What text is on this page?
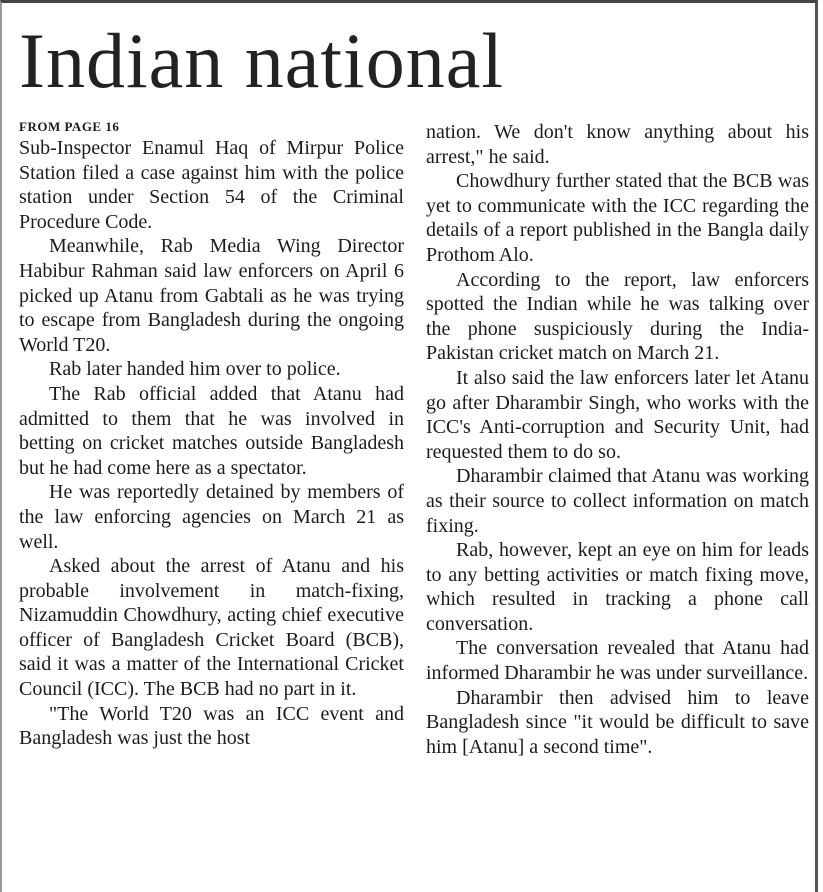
Indian national
FROM PAGE 16

Sub-Inspector Enamul Haq of Mirpur Police Station filed a case against him with the police station under Section 54 of the Criminal Procedure Code.

Meanwhile, Rab Media Wing Director Habibur Rahman said law enforcers on April 6 picked up Atanu from Gabtali as he was trying to escape from Bangladesh during the ongoing World T20.

Rab later handed him over to police.

The Rab official added that Atanu had admitted to them that he was involved in betting on cricket matches outside Bangladesh but he had come here as a spectator.

He was reportedly detained by members of the law enforcing agencies on March 21 as well.

Asked about the arrest of Atanu and his probable involvement in match-fixing, Nizamuddin Chowdhury, acting chief executive officer of Bangladesh Cricket Board (BCB), said it was a matter of the International Cricket Council (ICC). The BCB had no part in it.

"The World T20 was an ICC event and Bangladesh was just the host

nation. We don't know anything about his arrest," he said.

Chowdhury further stated that the BCB was yet to communicate with the ICC regarding the details of a report published in the Bangla daily Prothom Alo.

According to the report, law enforcers spotted the Indian while he was talking over the phone suspiciously during the India-Pakistan cricket match on March 21.

It also said the law enforcers later let Atanu go after Dharambir Singh, who works with the ICC's Anti-corruption and Security Unit, had requested them to do so.

Dharambir claimed that Atanu was working as their source to collect information on match fixing.

Rab, however, kept an eye on him for leads to any betting activities or match fixing move, which resulted in tracking a phone call conversation.

The conversation revealed that Atanu had informed Dharambir he was under surveillance.

Dharambir then advised him to leave Bangladesh since "it would be difficult to save him [Atanu] a second time".
